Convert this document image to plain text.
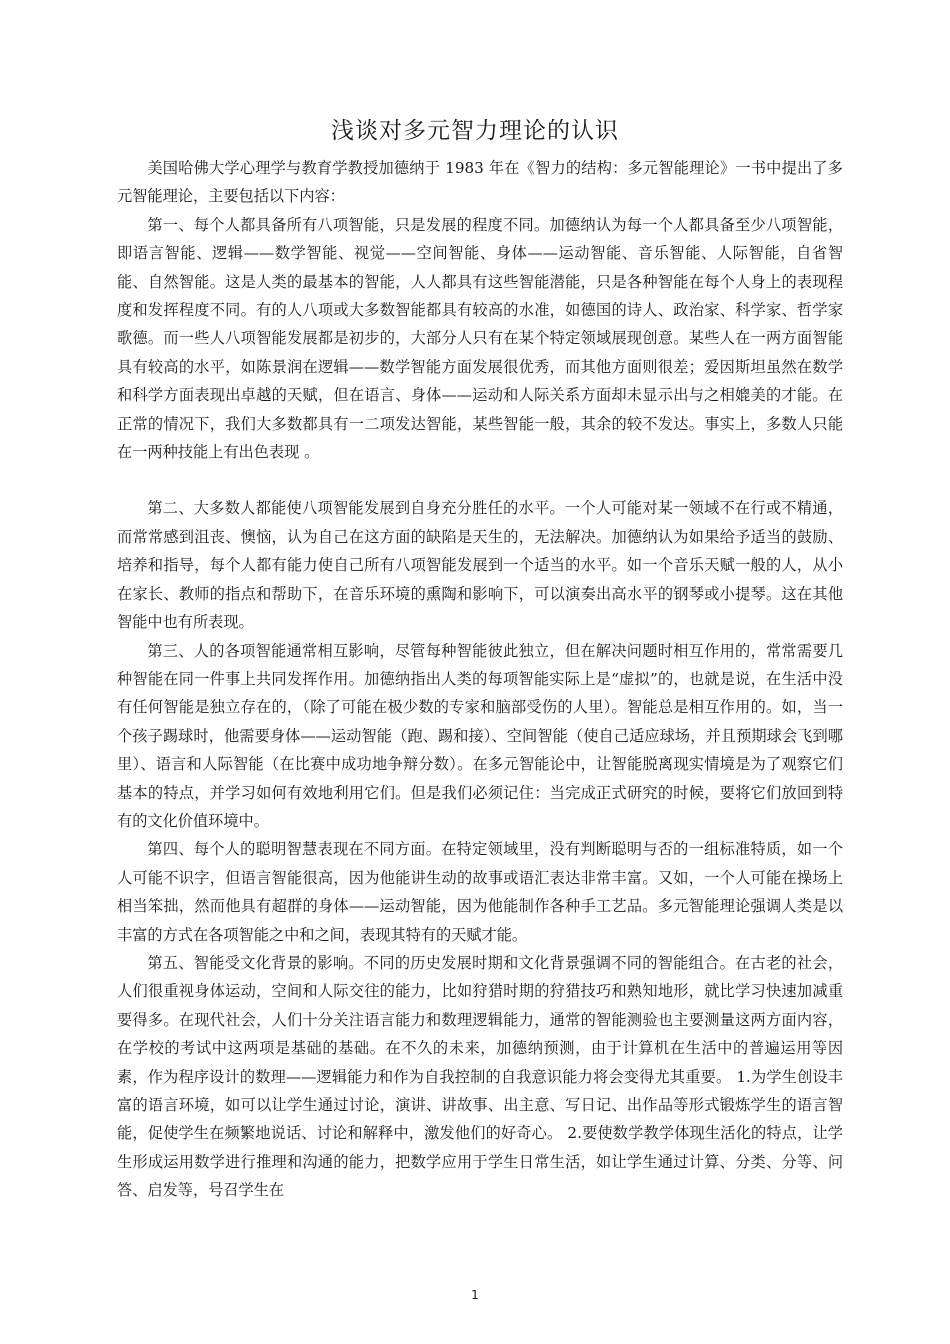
浅谈对多元智力理论的认识

美国哈佛大学心理学与教育学教授加德纳于 1983 年在《智力的结构：多元智能理论》一书中提出了多元智能理论，主要包括以下内容：

第一、每个人都具备所有八项智能，只是发展的程度不同。加德纳认为每一个人都具备至少八项智能，即语言智能、逻辑——数学智能、视觉——空间智能、身体——运动智能、音乐智能、人际智能，自省智能、自然智能。这是人类的最基本的智能，人人都具有这些智能潜能，只是各种智能在每个人身上的表现程度和发挥程度不同。有的人八项或大多数智能都具有较高的水准，如德国的诗人、政治家、科学家、哲学家歌德。而一些人八项智能发展都是初步的，大部分人只有在某个特定领域展现创意。某些人在一两方面智能具有较高的水平，如陈景润在逻辑——数学智能方面发展很优秀，而其他方面则很差；爱因斯坦虽然在数学和科学方面表现出卓越的天赋，但在语言、身体——运动和人际关系方面却未显示出与之相媲美的才能。在正常的情况下，我们大多数都具有一二项发达智能，某些智能一般，其余的较不发达。事实上，多数人只能在一两种技能上有出色表现 。

第二、大多数人都能使八项智能发展到自身充分胜任的水平。一个人可能对某一领域不在行或不精通，而常常感到沮丧、懊恼，认为自己在这方面的缺陷是天生的，无法解决。加德纳认为如果给予适当的鼓励、培养和指导，每个人都有能力使自己所有八项智能发展到一个适当的水平。如一个音乐天赋一般的人，从小在家长、教师的指点和帮助下，在音乐环境的熏陶和影响下，可以演奏出高水平的钢琴或小提琴。这在其他智能中也有所表现。

第三、人的各项智能通常相互影响，尽管每种智能彼此独立，但在解决问题时相互作用的，常常需要几种智能在同一件事上共同发挥作用。加德纳指出人类的每项智能实际上是“虚拟”的，也就是说，在生活中没有任何智能是独立存在的，（除了可能在极少数的专家和脑部受伤的人里）。智能总是相互作用的。如，当一个孩子踢球时，他需要身体——运动智能（跑、踢和接）、空间智能（使自己适应球场，并且预期球会飞到哪里）、语言和人际智能（在比赛中成功地争辩分数）。在多元智能论中，让智能脱离现实情境是为了观察它们基本的特点，并学习如何有效地利用它们。但是我们必须记住：当完成正式研究的时候，要将它们放回到特有的文化价值环境中。

第四、每个人的聪明智慧表现在不同方面。在特定领域里，没有判断聪明与否的一组标准特质，如一个人可能不识字，但语言智能很高，因为他能讲生动的故事或语汇表达非常丰富。又如，一个人可能在操场上相当笨拙，然而他具有超群的身体——运动智能，因为他能制作各种手工艺品。多元智能理论强调人类是以丰富的方式在各项智能之中和之间，表现其特有的天赋才能。

第五、智能受文化背景的影响。不同的历史发展时期和文化背景强调不同的智能组合。在古老的社会，人们很重视身体运动，空间和人际交往的能力，比如狩猎时期的狩猎技巧和熟知地形，就比学习快速加减重要得多。在现代社会，人们十分关注语言能力和数理逻辑能力，通常的智能测验也主要测量这两方面内容，在学校的考试中这两项是基础的基础。在不久的未来，加德纳预测，由于计算机在生活中的普遍运用等因素，作为程序设计的数理——逻辑能力和作为自我控制的自我意识能力将会变得尤其重要。 1.为学生创设丰富的语言环境，如可以让学生通过讨论，演讲、讲故事、出主意、写日记、出作品等形式锻炼学生的语言智能，促使学生在频繁地说话、讨论和解释中，激发他们的好奇心。 2.要使数学教学体现生活化的特点，让学生形成运用数学进行推理和沟通的能力，把数学应用于学生日常生活，如让学生通过计算、分类、分等、问答、启发等，号召学生在

1
